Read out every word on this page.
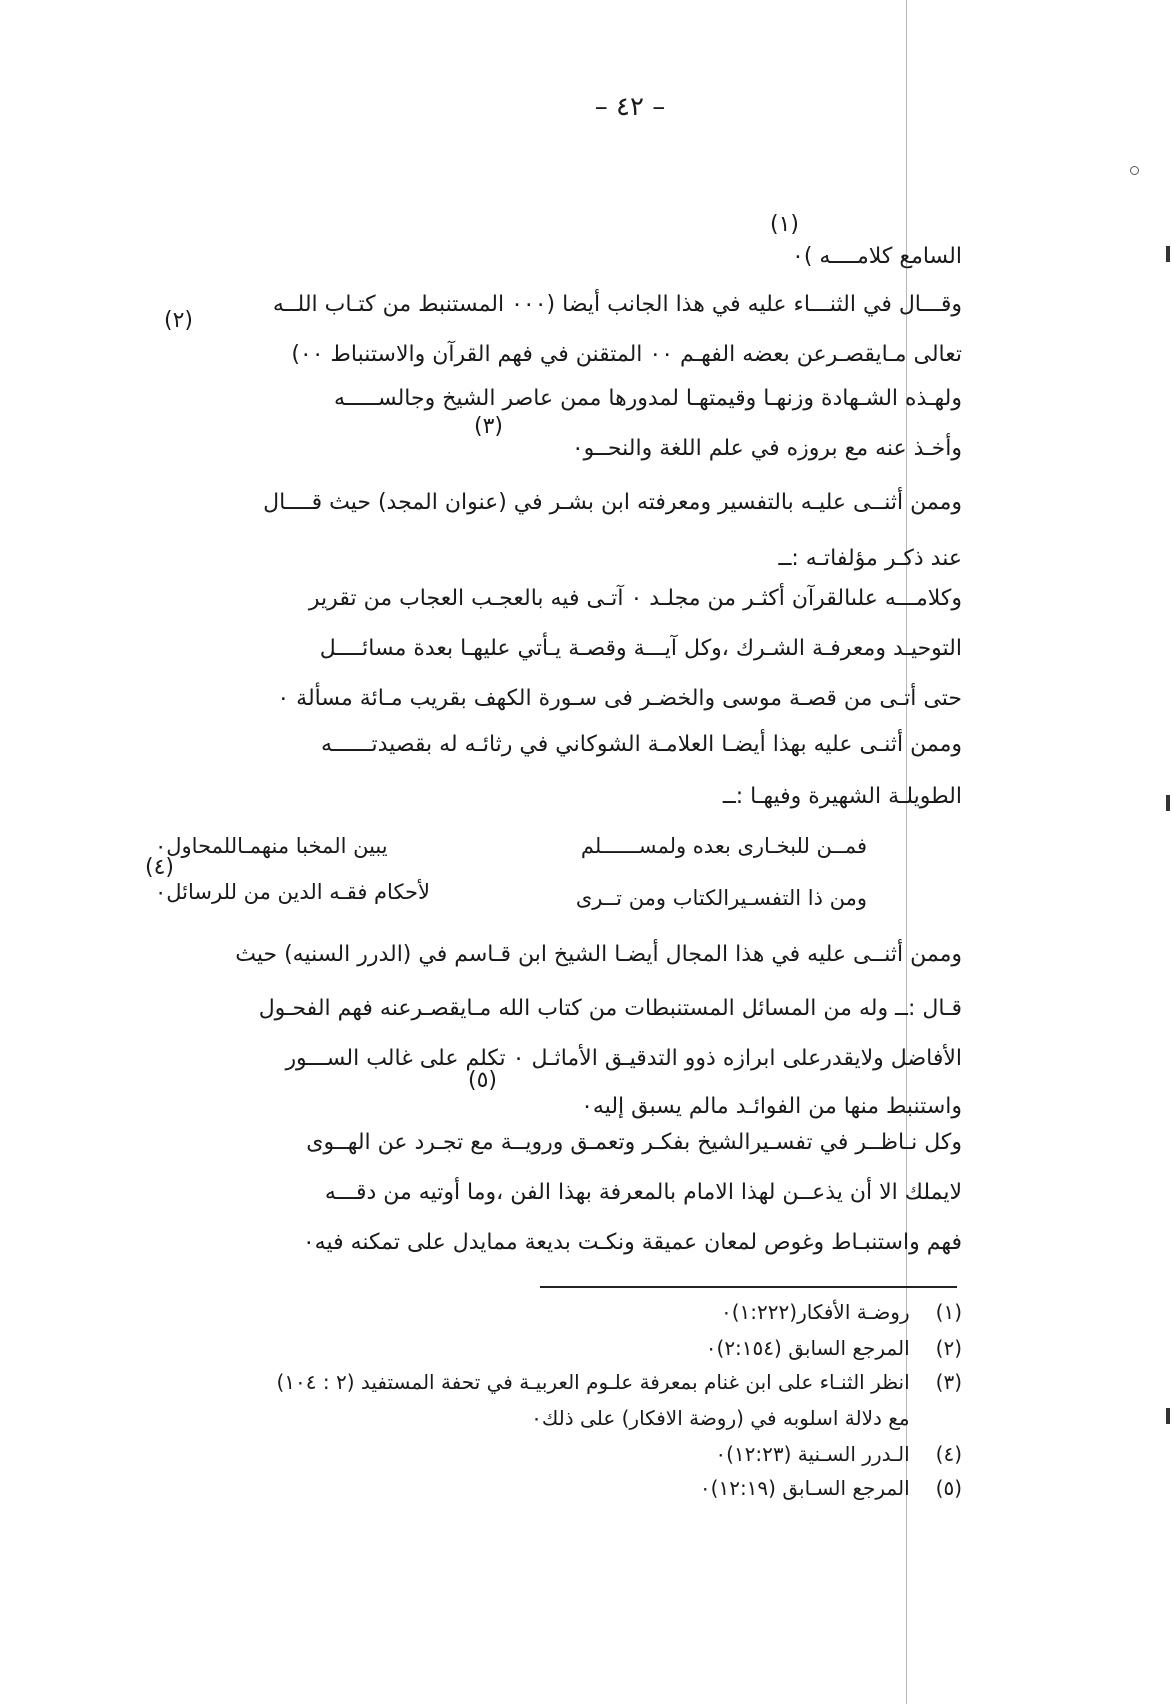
– ٤٢ –
(١)
(٢)
(٣)
(٤)
(٥)
السامع كلامــــه )٠
وقـــال في الثنـــاء عليه في هذا الجانب أيضا (٠٠٠ المستنبط من كتـاب اللــه
تعالى مـايقصـرعن بعضه الفهـم ٠٠ المتقنن في فهم القرآن والاستنباط ٠٠)
ولهـذه الشـهادة وزنهـا وقيمتهـا لمدورها ممن عاصر الشيخ وجالســـــه
وأخـذ عنه مع بروزه في علم اللغة والنحــو٠
وممن أثنــى عليـه بالتفسير ومعرفته ابن بشـر في (عنوان المجد) حيث قــــال
عند ذكـر مؤلفاتـه :ــ
وكلامـــه علىالقرآن أكثـر من مجلـد ٠ آتـى فيه بالعجـب العجاب من تقرير
التوحيـد ومعرفـة الشـرك ،وكل آيـــة وقصـة يـأتي عليهـا بعدة مسائــــل
حتى أتـى من قصـة موسى والخضـر فى سـورة الكهف بقريب مـائة مسألة ٠
وممن أثنـى عليه بهذا أيضـا العلامـة الشوكاني في رثائـه له بقصيدتــــــه
الطويلـة الشهيرة وفيهـا :ــ
فمــن للبخـارى بعده ولمســــــلم
يبين المخبا منهمـاللمحاول٠
ومن ذا التفسـيرالكتاب ومن تــرى
لأحكام فقـه الدين من للرسائل٠
وممن أثنــى عليه في هذا المجال أيضـا الشيخ ابن قـاسم في (الدرر السنيه) حيث
قـال :ــ وله من المسائل المستنبطات من كتاب الله مـايقصـرعنه فهم الفحـول
الأفاضل ولايقدرعلى ابرازه ذوو التدقيـق الأماثـل ٠ تكلم على غالب الســـور
واستنبط منها من الفوائـد مالم يسبق إليه٠
وكل نـاظــر في تفسـيرالشيخ بفكـر وتعمـق ورويــة مع تجـرد عن الهــوى
لايملك الا أن يذعــن لهذا الامام بالمعرفة بهذا الفن ،وما أوتيه من دقـــه
فهم واستنبـاط وغوص لمعان عميقة ونكـت بديعة ممايدل على تمكنه فيه٠
(١) روضـة الأفكار(١:٢٢٢)٠
(٢) المرجع السابق (٢:١٥٤)٠
(٣) انظر الثنـاء على ابن غنام بمعرفة علـوم العربيـة في تحفة المستفيد (٢ : ١٠٤)
مع دلالة اسلوبه في (روضة الافكار) على ذلك٠
(٤) الـدرر السـنية (١٢:٢٣)٠
(٥) المرجع السـابق (١٢:١٩)٠
